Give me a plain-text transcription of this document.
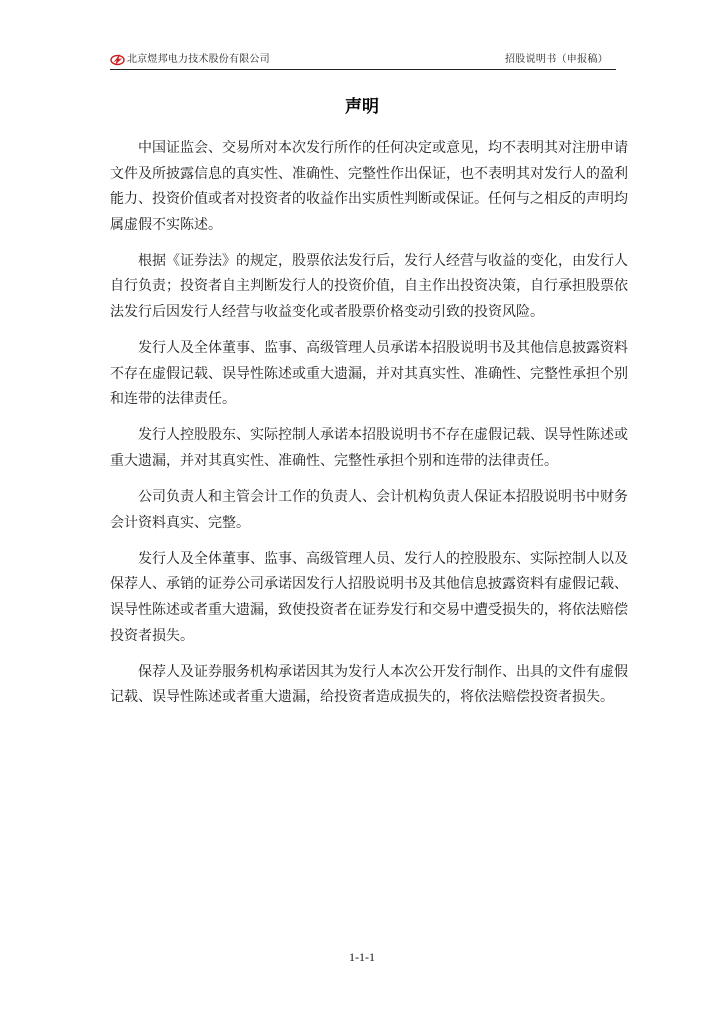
北京煜邦电力技术股份有限公司	招股说明书（申报稿）
声明

中国证监会、交易所对本次发行所作的任何决定或意见，均不表明其对注册申请文件及所披露信息的真实性、准确性、完整性作出保证，也不表明其对发行人的盈利能力、投资价值或者对投资者的收益作出实质性判断或保证。任何与之相反的声明均属虚假不实陈述。

根据《证券法》的规定，股票依法发行后，发行人经营与收益的变化，由发行人自行负责；投资者自主判断发行人的投资价值，自主作出投资决策，自行承担股票依法发行后因发行人经营与收益变化或者股票价格变动引致的投资风险。

发行人及全体董事、监事、高级管理人员承诺本招股说明书及其他信息披露资料不存在虚假记载、误导性陈述或重大遗漏，并对其真实性、准确性、完整性承担个别和连带的法律责任。

发行人控股股东、实际控制人承诺本招股说明书不存在虚假记载、误导性陈述或重大遗漏，并对其真实性、准确性、完整性承担个别和连带的法律责任。

公司负责人和主管会计工作的负责人、会计机构负责人保证本招股说明书中财务会计资料真实、完整。

发行人及全体董事、监事、高级管理人员、发行人的控股股东、实际控制人以及保荐人、承销的证券公司承诺因发行人招股说明书及其他信息披露资料有虚假记载、误导性陈述或者重大遗漏，致使投资者在证券发行和交易中遭受损失的，将依法赔偿投资者损失。

保荐人及证券服务机构承诺因其为发行人本次公开发行制作、出具的文件有虚假记载、误导性陈述或者重大遗漏，给投资者造成损失的，将依法赔偿投资者损失。

1-1-1
